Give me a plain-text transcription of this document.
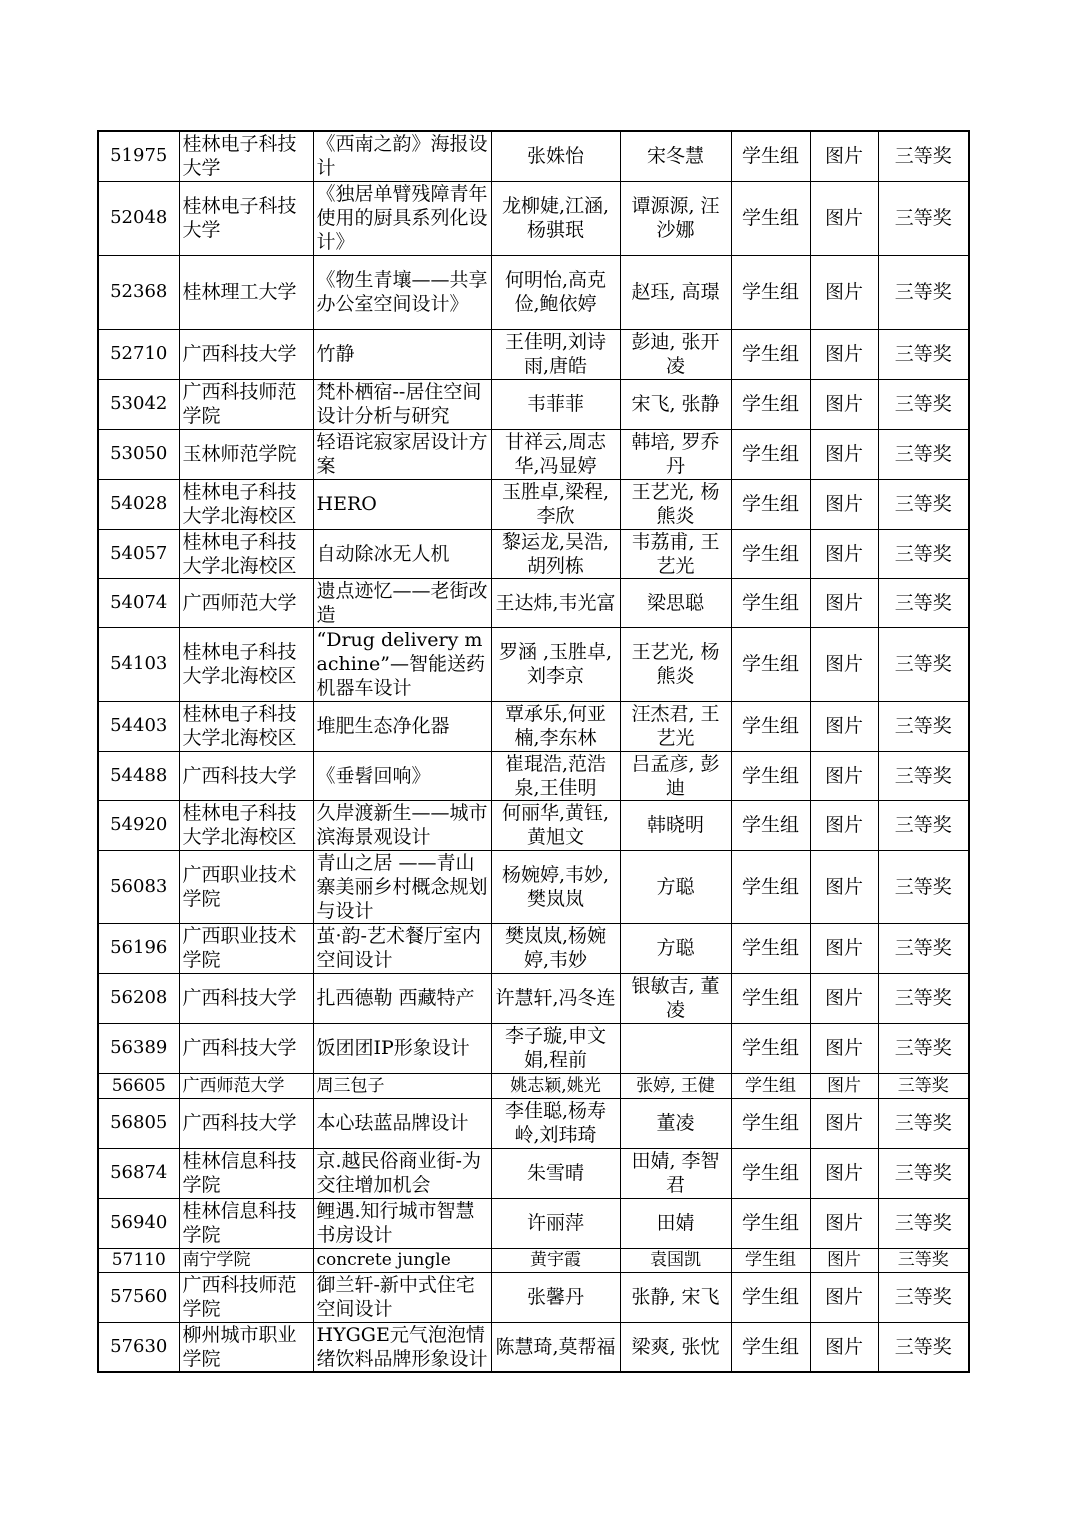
51975	桂林电子科技大学	《西南之韵》海报设计	张姝怡	宋冬慧	学生组	图片	三等奖
52048	桂林电子科技大学	《独居单臂残障青年使用的厨具系列化设计》	龙柳婕,江涵,杨骐珉	谭源源, 汪沙娜	学生组	图片	三等奖
52368	桂林理工大学	《物生青壤——共享办公室空间设计》	何明怡,高克俭,鲍依婷	赵珏, 高璟	学生组	图片	三等奖
52710	广西科技大学	竹静	王佳明,刘诗雨,唐皓	彭迪, 张开凌	学生组	图片	三等奖
53042	广西科技师范学院	梵朴栖宿--居住空间设计分析与研究	韦菲菲	宋飞, 张静	学生组	图片	三等奖
53050	玉林师范学院	轻语诧寂家居设计方案	甘祥云,周志华,冯显婷	韩培, 罗乔丹	学生组	图片	三等奖
54028	桂林电子科技大学北海校区	HERO	玉胜卓,梁程,李欣	王艺光, 杨熊炎	学生组	图片	三等奖
54057	桂林电子科技大学北海校区	自动除冰无人机	黎运龙,吴浩,胡列栋	韦荔甫, 王艺光	学生组	图片	三等奖
54074	广西师范大学	遗点迹忆——老街改造	王达炜,韦光富	梁思聪	学生组	图片	三等奖
54103	桂林电子科技大学北海校区	“Drug delivery machine”—智能送药机器车设计	罗涵 ,玉胜卓,刘李京	王艺光, 杨熊炎	学生组	图片	三等奖
54403	桂林电子科技大学北海校区	堆肥生态净化器	覃承乐,何亚楠,李东林	汪杰君, 王艺光	学生组	图片	三等奖
54488	广西科技大学	《垂髫回响》	崔琨浩,范浩泉,王佳明	吕孟彦, 彭迪	学生组	图片	三等奖
54920	桂林电子科技大学北海校区	久岸渡新生——城市滨海景观设计	何丽华,黄钰,黄旭文	韩晓明	学生组	图片	三等奖
56083	广西职业技术学院	青山之居 ——青山寨美丽乡村概念规划与设计	杨婉婷,韦妙,樊岚岚	方聪	学生组	图片	三等奖
56196	广西职业技术学院	茧·韵-艺术餐厅室内空间设计	樊岚岚,杨婉婷,韦妙	方聪	学生组	图片	三等奖
56208	广西科技大学	扎西德勒 西藏特产	许慧轩,冯冬连	银敏吉, 董凌	学生组	图片	三等奖
56389	广西科技大学	饭团团IP形象设计	李子璇,申文娟,程前		学生组	图片	三等奖
56605	广西师范大学	周三包子	姚志颖,姚光	张婷, 王健	学生组	图片	三等奖
56805	广西科技大学	本心珐蓝品牌设计	李佳聪,杨寿岭,刘玮琦	董凌	学生组	图片	三等奖
56874	桂林信息科技学院	京.越民俗商业街-为交往增加机会	朱雪晴	田婧, 李智君	学生组	图片	三等奖
56940	桂林信息科技学院	鲤遇.知行城市智慧书房设计	许丽萍	田婧	学生组	图片	三等奖
57110	南宁学院	concrete jungle	黄宇霞	袁国凯	学生组	图片	三等奖
57560	广西科技师范学院	御兰轩-新中式住宅空间设计	张馨丹	张静, 宋飞	学生组	图片	三等奖
57630	柳州城市职业学院	HYGGE元气泡泡情绪饮料品牌形象设计	陈慧琦,莫帮福	梁爽, 张忱	学生组	图片	三等奖
